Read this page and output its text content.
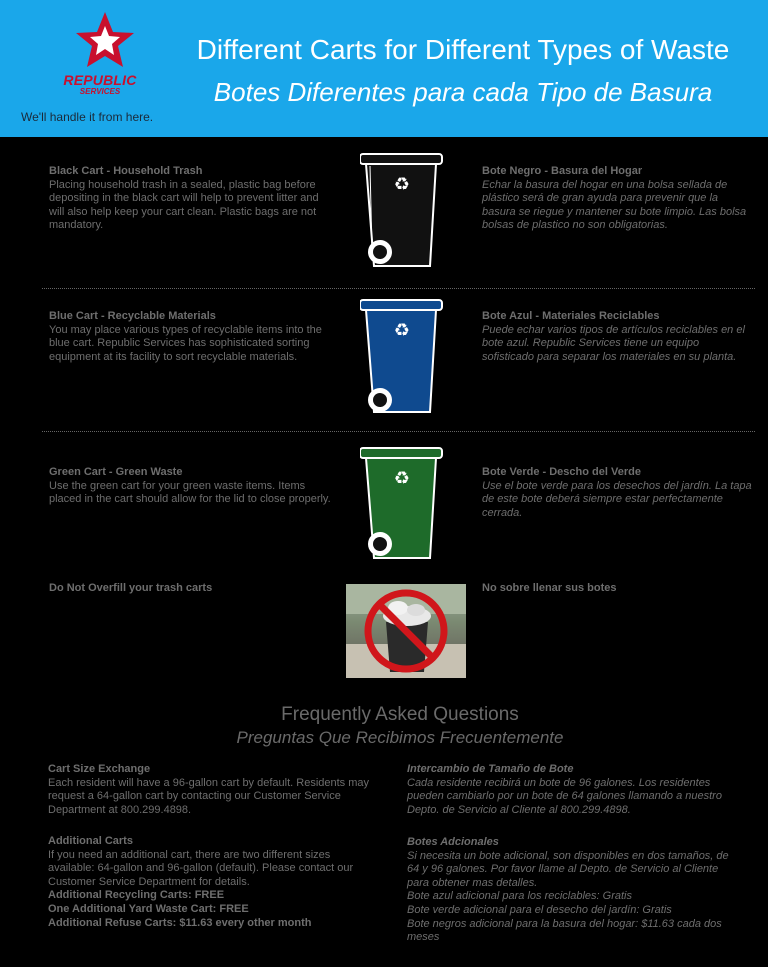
REPUBLIC
SERVICES
We'll handle it from here.
Different Carts for Different Types of Waste
Botes Diferentes para cada Tipo de Basura
Black Cart - Household Trash
Placing household trash in a sealed, plastic bag before depositing in the black cart will help to prevent litter and will also help keep your cart clean. Plastic bags are not mandatory.
♻
Bote Negro - Basura del Hogar
Echar la basura del hogar en una bolsa sellada de plástico será de gran ayuda para prevenir que la basura se riegue y mantener su bote limpio. Las bolsa bolsas de plastico no son obligatorias.
Blue Cart - Recyclable Materials
You may place various types of recyclable items into the blue cart. Republic Services has sophisticated sorting equipment at its facility to sort recyclable materials.
♻
Bote Azul - Materiales Reciclables
Puede echar varios tipos de artículos reciclables en el bote azul. Republic Services tiene un equipo sofisticado para separar los materiales en su planta.
Green Cart - Green Waste
Use the green cart for your green waste items. Items placed in the cart should allow for the lid to close properly.
♻	Bote Verde - Descho del Verde
Use el bote verde para los desechos del jardín. La tapa de este bote deberá siempre estar perfectamente cerrada.
Do Not Overfill your trash carts	No sobre llenar sus botes
Frequently Asked Questions
Preguntas Que Recibimos Frecuentemente
Cart Size Exchange
Each resident will have a 96-gallon cart by default. Residents may request a 64-gallon cart by contacting our Customer Service Department at 800.299.4898.
Intercambio de Tamaño de Bote
Cada residente recibirá un bote de 96 galones. Los residentes pueden cambiarlo por un bote de 64 galones llamando a nuestro Depto. de Servicio al Cliente al 800.299.4898.
Additional Carts
If you need an additional cart, there are two different sizes available: 64-gallon and 96-gallon (default). Please contact our Customer Service Department for details.
Additional Recycling Carts: FREE
One Additional Yard Waste Cart: FREE
Additional Refuse Carts: $11.63 every other month
Botes Adcionales
Si necesita un bote adicional, son disponibles en dos tamaños, de 64 y 96 galones. Por favor llame al Depto. de Servicio al Cliente para obtener mas detalles.
Bote azul adicional para los reciclables: Gratis
Bote verde adicional para el desecho del jardín: Gratis
Bote negros adicional para la basura del hogar: $11.63 cada dos meses
